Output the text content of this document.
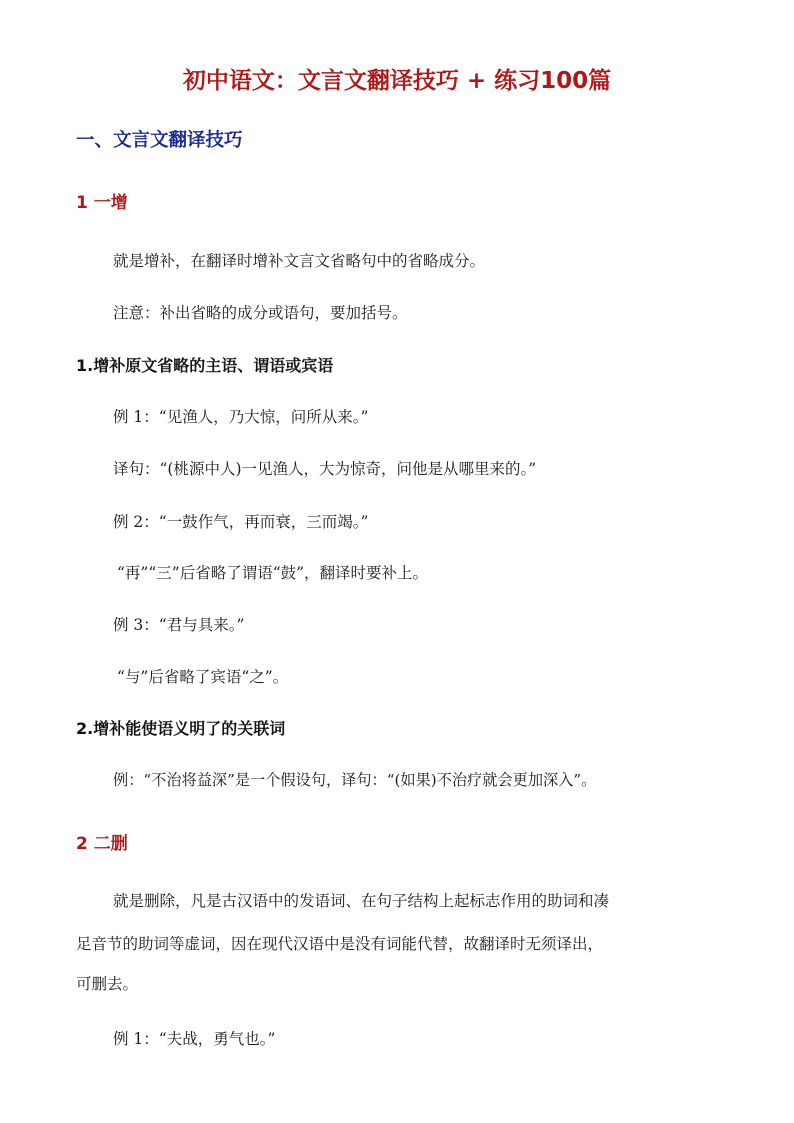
初中语文：文言文翻译技巧 + 练习100篇
一、文言文翻译技巧
1 一增
就是增补，在翻译时增补文言文省略句中的省略成分。
注意：补出省略的成分或语句，要加括号。
1.增补原文省略的主语、谓语或宾语
例 1：“见渔人，乃大惊，问所从来。”
译句：“(桃源中人)一见渔人，大为惊奇，问他是从哪里来的。”
例 2：“一鼓作气，再而衰，三而竭。”
“再”“三”后省略了谓语“鼓”，翻译时要补上。
例 3：“君与具来。”
“与”后省略了宾语“之”。
2.增补能使语义明了的关联词
例：“不治将益深”是一个假设句，译句：“(如果)不治疗就会更加深入”。
2 二删
就是删除，凡是古汉语中的发语词、在句子结构上起标志作用的助词和凑
足音节的助词等虚词，因在现代汉语中是没有词能代替，故翻译时无须译出，
可删去。
例 1：“夫战，勇气也。”
